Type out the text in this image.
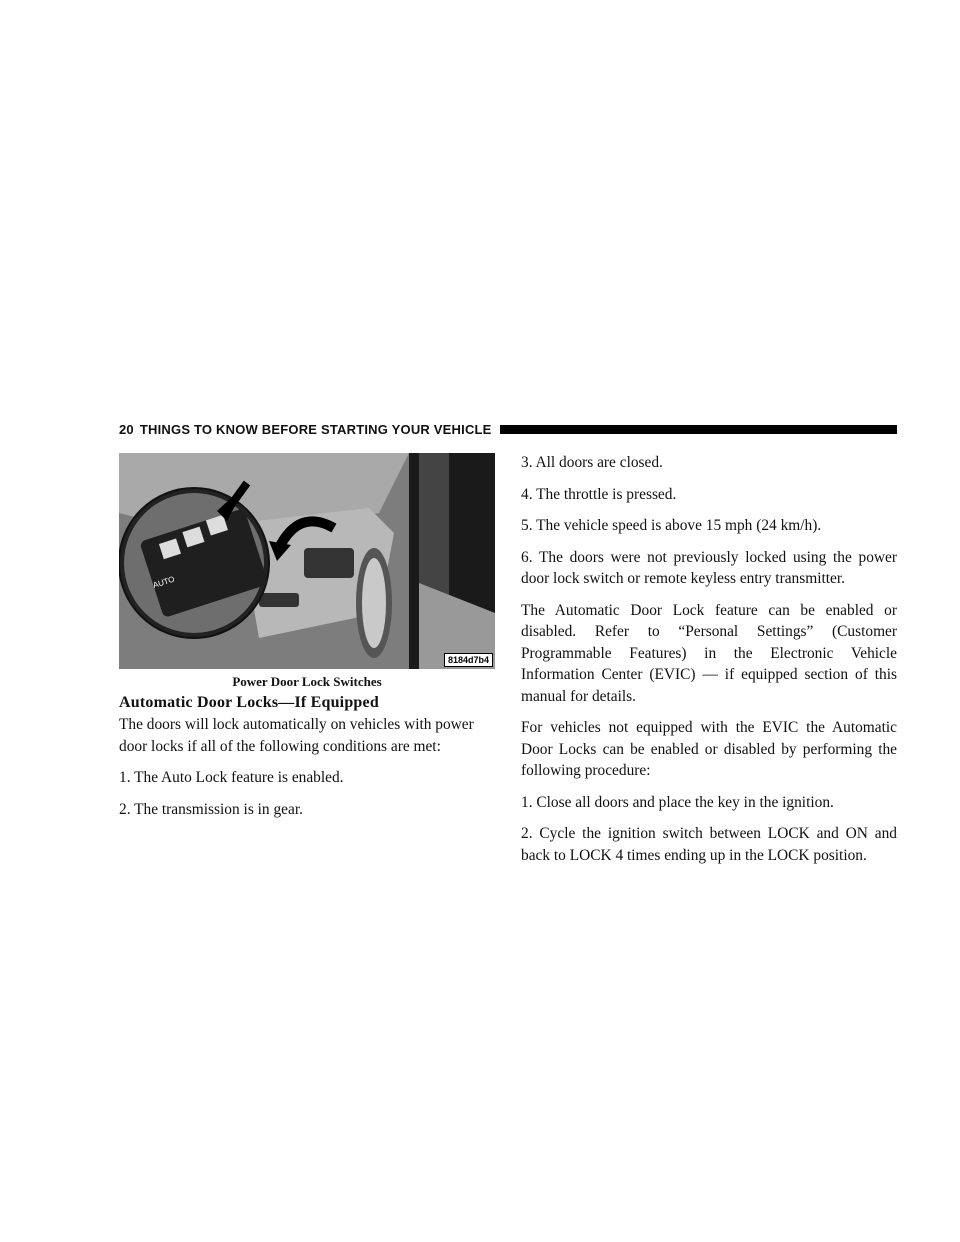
20 THINGS TO KNOW BEFORE STARTING YOUR VEHICLE
AUTO
8184d7b4
Power Door Lock Switches
Automatic Door Locks—If Equipped

The doors will lock automatically on vehicles with power door locks if all of the following conditions are met:

1. The Auto Lock feature is enabled.

2. The transmission is in gear.

3. All doors are closed.

4. The throttle is pressed.

5. The vehicle speed is above 15 mph (24 km/h).

6. The doors were not previously locked using the power door lock switch or remote keyless entry transmitter.

The Automatic Door Lock feature can be enabled or disabled. Refer to “Personal Settings” (Customer Programmable Features) in the Electronic Vehicle Information Center (EVIC) — if equipped section of this manual for details.

For vehicles not equipped with the EVIC the Automatic Door Locks can be enabled or disabled by performing the following procedure:

1. Close all doors and place the key in the ignition.

2. Cycle the ignition switch between LOCK and ON and back to LOCK 4 times ending up in the LOCK position.
